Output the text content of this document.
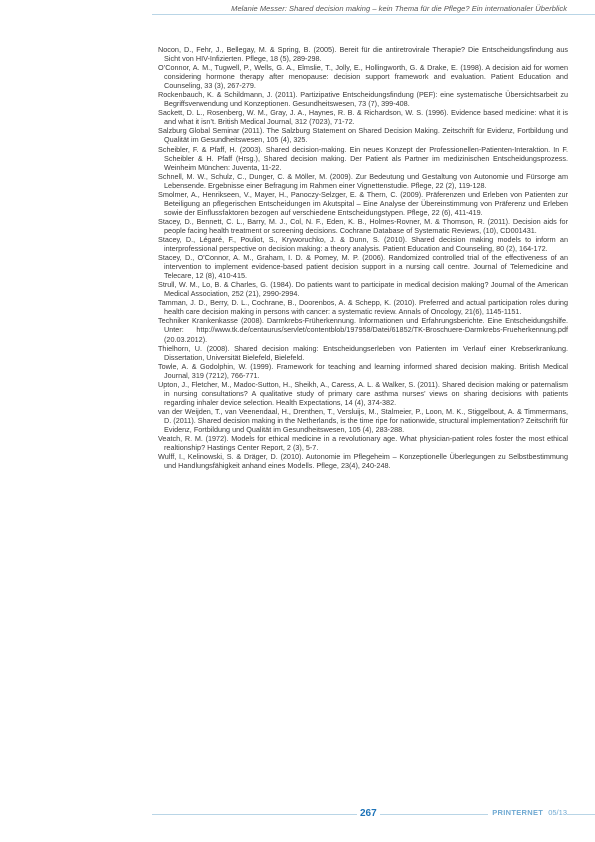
Melanie Messer: Shared decision making – kein Thema für die Pflege? Ein internationaler Überblick
Nocon, D., Fehr, J., Bellegay, M. & Spring, B. (2005). Bereit für die antiretrovirale Therapie? Die Entscheidungsfindung aus Sicht von HIV-Infizierten. Pflege, 18 (5), 289-298.
O’Connor, A. M., Tugwell, P., Wells, G. A., Elmslie, T., Jolly, E., Hollingworth, G. & Drake, E. (1998). A decision aid for women considering hormone therapy after menopause: decision support framework and evaluation. Patient Education and Counseling, 33 (3), 267-279.
Rockenbauch, K. & Schildmann, J. (2011). Partizipative Entscheidungsfindung (PEF): eine systematische Übersichtsarbeit zu Begriffsverwendung und Konzeptionen. Gesundheitswesen, 73 (7), 399-408.
Sackett, D. L., Rosenberg, W. M., Gray, J. A., Haynes, R. B. & Richardson, W. S. (1996). Evidence based medicine: what it is and what it isn’t. British Medical Journal, 312 (7023), 71-72.
Salzburg Global Seminar (2011). The Salzburg Statement on Shared Decision Making. Zeitschrift für Evidenz, Fortbildung und Qualität im Gesundheitswesen, 105 (4), 325.
Scheibler, F. & Pfaff, H. (2003). Shared decision-making. Ein neues Konzept der Professionellen-Patienten-Interaktion. In F. Scheibler & H. Pfaff (Hrsg.), Shared decision making. Der Patient als Partner im medizinischen Entscheidungsprozess. Weinheim München: Juventa, 11-22.
Schnell, M. W., Schulz, C., Dunger, C. & Möller, M. (2009). Zur Bedeutung und Gestaltung von Autonomie und Fürsorge am Lebensende. Ergebnisse einer Befragung im Rahmen einer Vignettenstudie. Pflege, 22 (2), 119-128.
Smolmer, A., Henrikseen, V., Mayer, H., Panoczy-Selzger, E. & Thern, C. (2009). Präferenzen und Erleben von Patienten zur Beteiligung an pflegerischen Entscheidungen im Akutspital – Eine Analyse der Übereinstimmung von Präferenz und Erleben sowie der Einflussfaktoren bezogen auf verschiedene Entscheidungstypen. Pflege, 22 (6), 411-419.
Stacey, D., Bennett, C. L., Barry, M. J., Col, N. F., Eden, K. B., Holmes-Rovner, M. & Thomson, R. (2011). Decision aids for people facing health treatment or screening decisions. Cochrane Database of Systematic Reviews, (10), CD001431.
Stacey, D., Légaré, F., Pouliot, S., Kryworuchko, J. & Dunn, S. (2010). Shared decision making models to inform an interprofessional perspective on decision making: a theory analysis. Patient Education and Counseling, 80 (2), 164-172.
Stacey, D., O’Connor, A. M., Graham, I. D. & Pomey, M. P. (2006). Randomized controlled trial of the effectiveness of an intervention to implement evidence-based patient decision support in a nursing call centre. Journal of Telemedicine and Telecare, 12 (8), 410-415.
Strull, W. M., Lo, B. & Charles, G. (1984). Do patients want to participate in medical decision making? Journal of the American Medical Association, 252 (21), 2990-2994.
Tamman, J. D., Berry, D. L., Cochrane, B., Doorenbos, A. & Schepp, K. (2010). Preferred and actual participation roles during health care decision making in persons with cancer: a systematic review. Annals of Oncology, 21(6), 1145-1151.
Techniker Krankenkasse (2008). Darmkrebs-Früherkennung. Informationen und Erfahrungsberichte. Eine Entscheidungshilfe. Unter: http://www.tk.de/centaurus/servlet/contentblob/197958/Datei/61852/TK-Broschuere-Darmkrebs-Frueherkennung.pdf (20.03.2012).
Thielhorn, U. (2008). Shared decision making: Entscheidungserleben von Patienten im Verlauf einer Krebserkrankung. Dissertation, Universität Bielefeld, Bielefeld.
Towle, A. & Godolphin, W. (1999). Framework for teaching and learning informed shared decision making. British Medical Journal, 319 (7212), 766-771.
Upton, J., Fletcher, M., Madoc-Sutton, H., Sheikh, A., Caress, A. L. & Walker, S. (2011). Shared decision making or paternalism in nursing consultations? A qualitative study of primary care asthma nurses’ views on sharing decisions with patients regarding inhaler device selection. Health Expectations, 14 (4), 374-382.
van der Weijden, T., van Veenendaal, H., Drenthen, T., Versluijs, M., Stalmeier, P., Loon, M. K., Stiggelbout, A. & Timmermans, D. (2011). Shared decision making in the Netherlands, is the time ripe for nationwide, structural implementation? Zeitschrift für Evidenz, Fortbildung und Qualität im Gesundheitswesen, 105 (4), 283-288.
Veatch, R. M. (1972). Models for ethical medicine in a revolutionary age. What physician-patient roles foster the most ethical realtionship? Hastings Center Report, 2 (3), 5-7.
Wulff, I., Kelinowski, S. & Dräger, D. (2010). Autonomie im Pflegeheim – Konzeptionelle Überlegungen zu Selbstbestimmung und Handlungsfähigkeit anhand eines Modells. Pflege, 23(4), 240-248.
267	PRINTERNET 05/13
